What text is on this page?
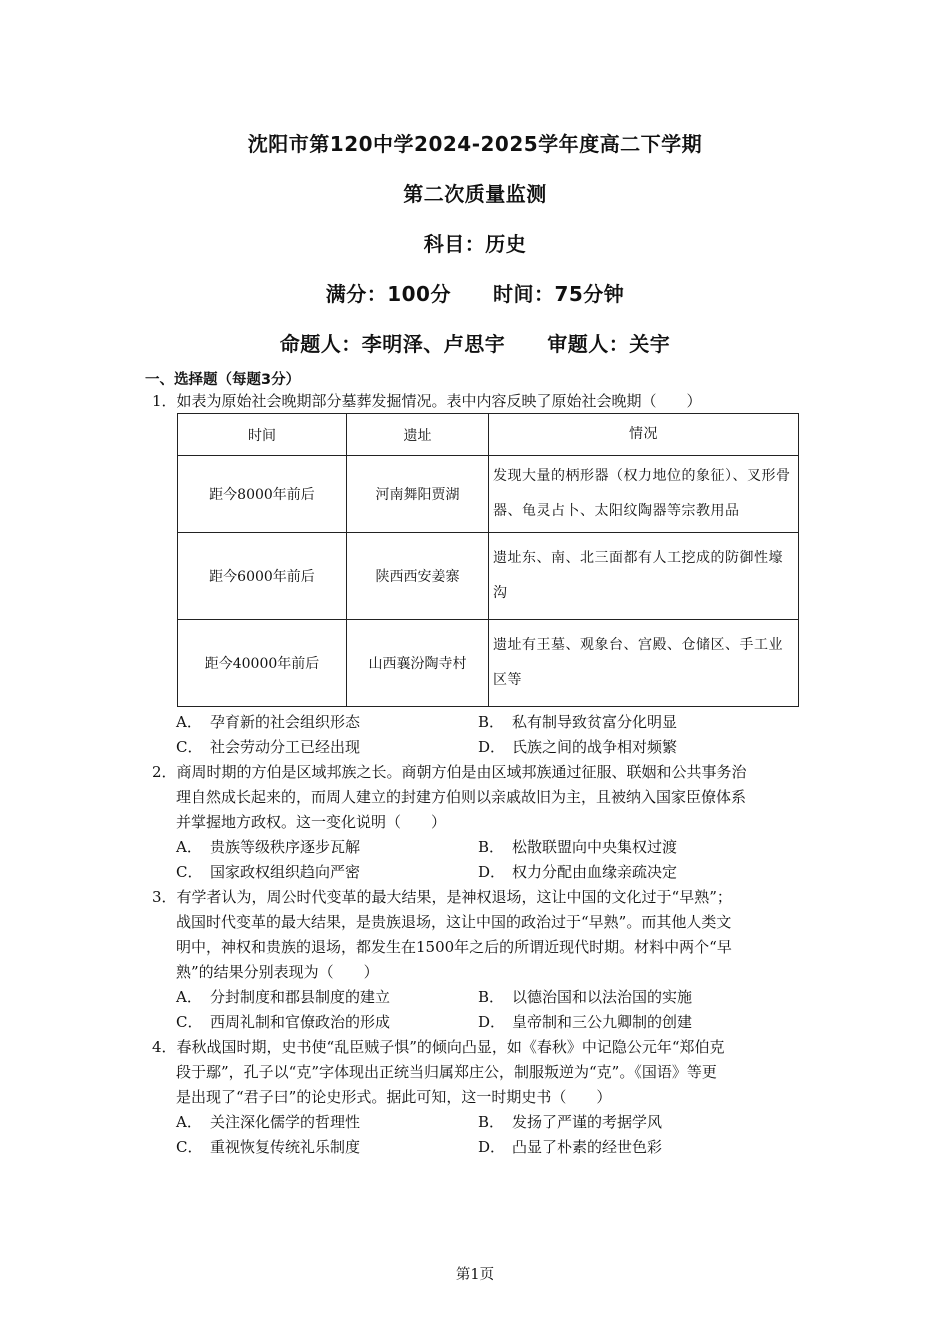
沈阳市第120中学2024-2025学年度高二下学期
第二次质量监测
科目：历史
满分：100分 时间：75分钟
命题人：李明泽、卢思宇 审题人：关宇
一、选择题（每题3分）
1．如表为原始社会晚期部分墓葬发掘情况。表中内容反映了原始社会晚期（　　）
时间	遗址	情况
距今8000年前后	河南舞阳贾湖	发现大量的柄形器（权力地位的象征）、叉形骨器、龟灵占卜、太阳纹陶器等宗教用品
距今6000年前后	陕西西安姜寨	遗址东、南、北三面都有人工挖成的防御性壕沟
距今40000年前后	山西襄汾陶寺村	遗址有王墓、观象台、宫殿、仓储区、手工业区等
A． 孕育新的社会组织形态	B． 私有制导致贫富分化明显
C． 社会劳动分工已经出现	D． 氏族之间的战争相对频繁
2．商周时期的方伯是区域邦族之长。商朝方伯是由区域邦族通过征服、联姻和公共事务治
理自然成长起来的，而周人建立的封建方伯则以亲戚故旧为主，且被纳入国家臣僚体系
并掌握地方政权。这一变化说明（　　）
A． 贵族等级秩序逐步瓦解	B． 松散联盟向中央集权过渡
C． 国家政权组织趋向严密	D． 权力分配由血缘亲疏决定
3．有学者认为，周公时代变革的最大结果，是神权退场，这让中国的文化过于“早熟”；
战国时代变革的最大结果，是贵族退场，这让中国的政治过于“早熟”。而其他人类文
明中，神权和贵族的退场，都发生在1500年之后的所谓近现代时期。材料中两个“早
熟”的结果分别表现为（　　）
A． 分封制度和郡县制度的建立	B． 以德治国和以法治国的实施
C． 西周礼制和官僚政治的形成	D． 皇帝制和三公九卿制的创建
4．春秋战国时期，史书使“乱臣贼子惧”的倾向凸显，如《春秋》中记隐公元年“郑伯克
段于鄢”，孔子以“克”字体现出正统当归属郑庄公，制服叛逆为“克”。《国语》等更
是出现了“君子曰”的论史形式。据此可知，这一时期史书（　　）
A． 关注深化儒学的哲理性	B． 发扬了严谨的考据学风
C． 重视恢复传统礼乐制度	D． 凸显了朴素的经世色彩
第1页
